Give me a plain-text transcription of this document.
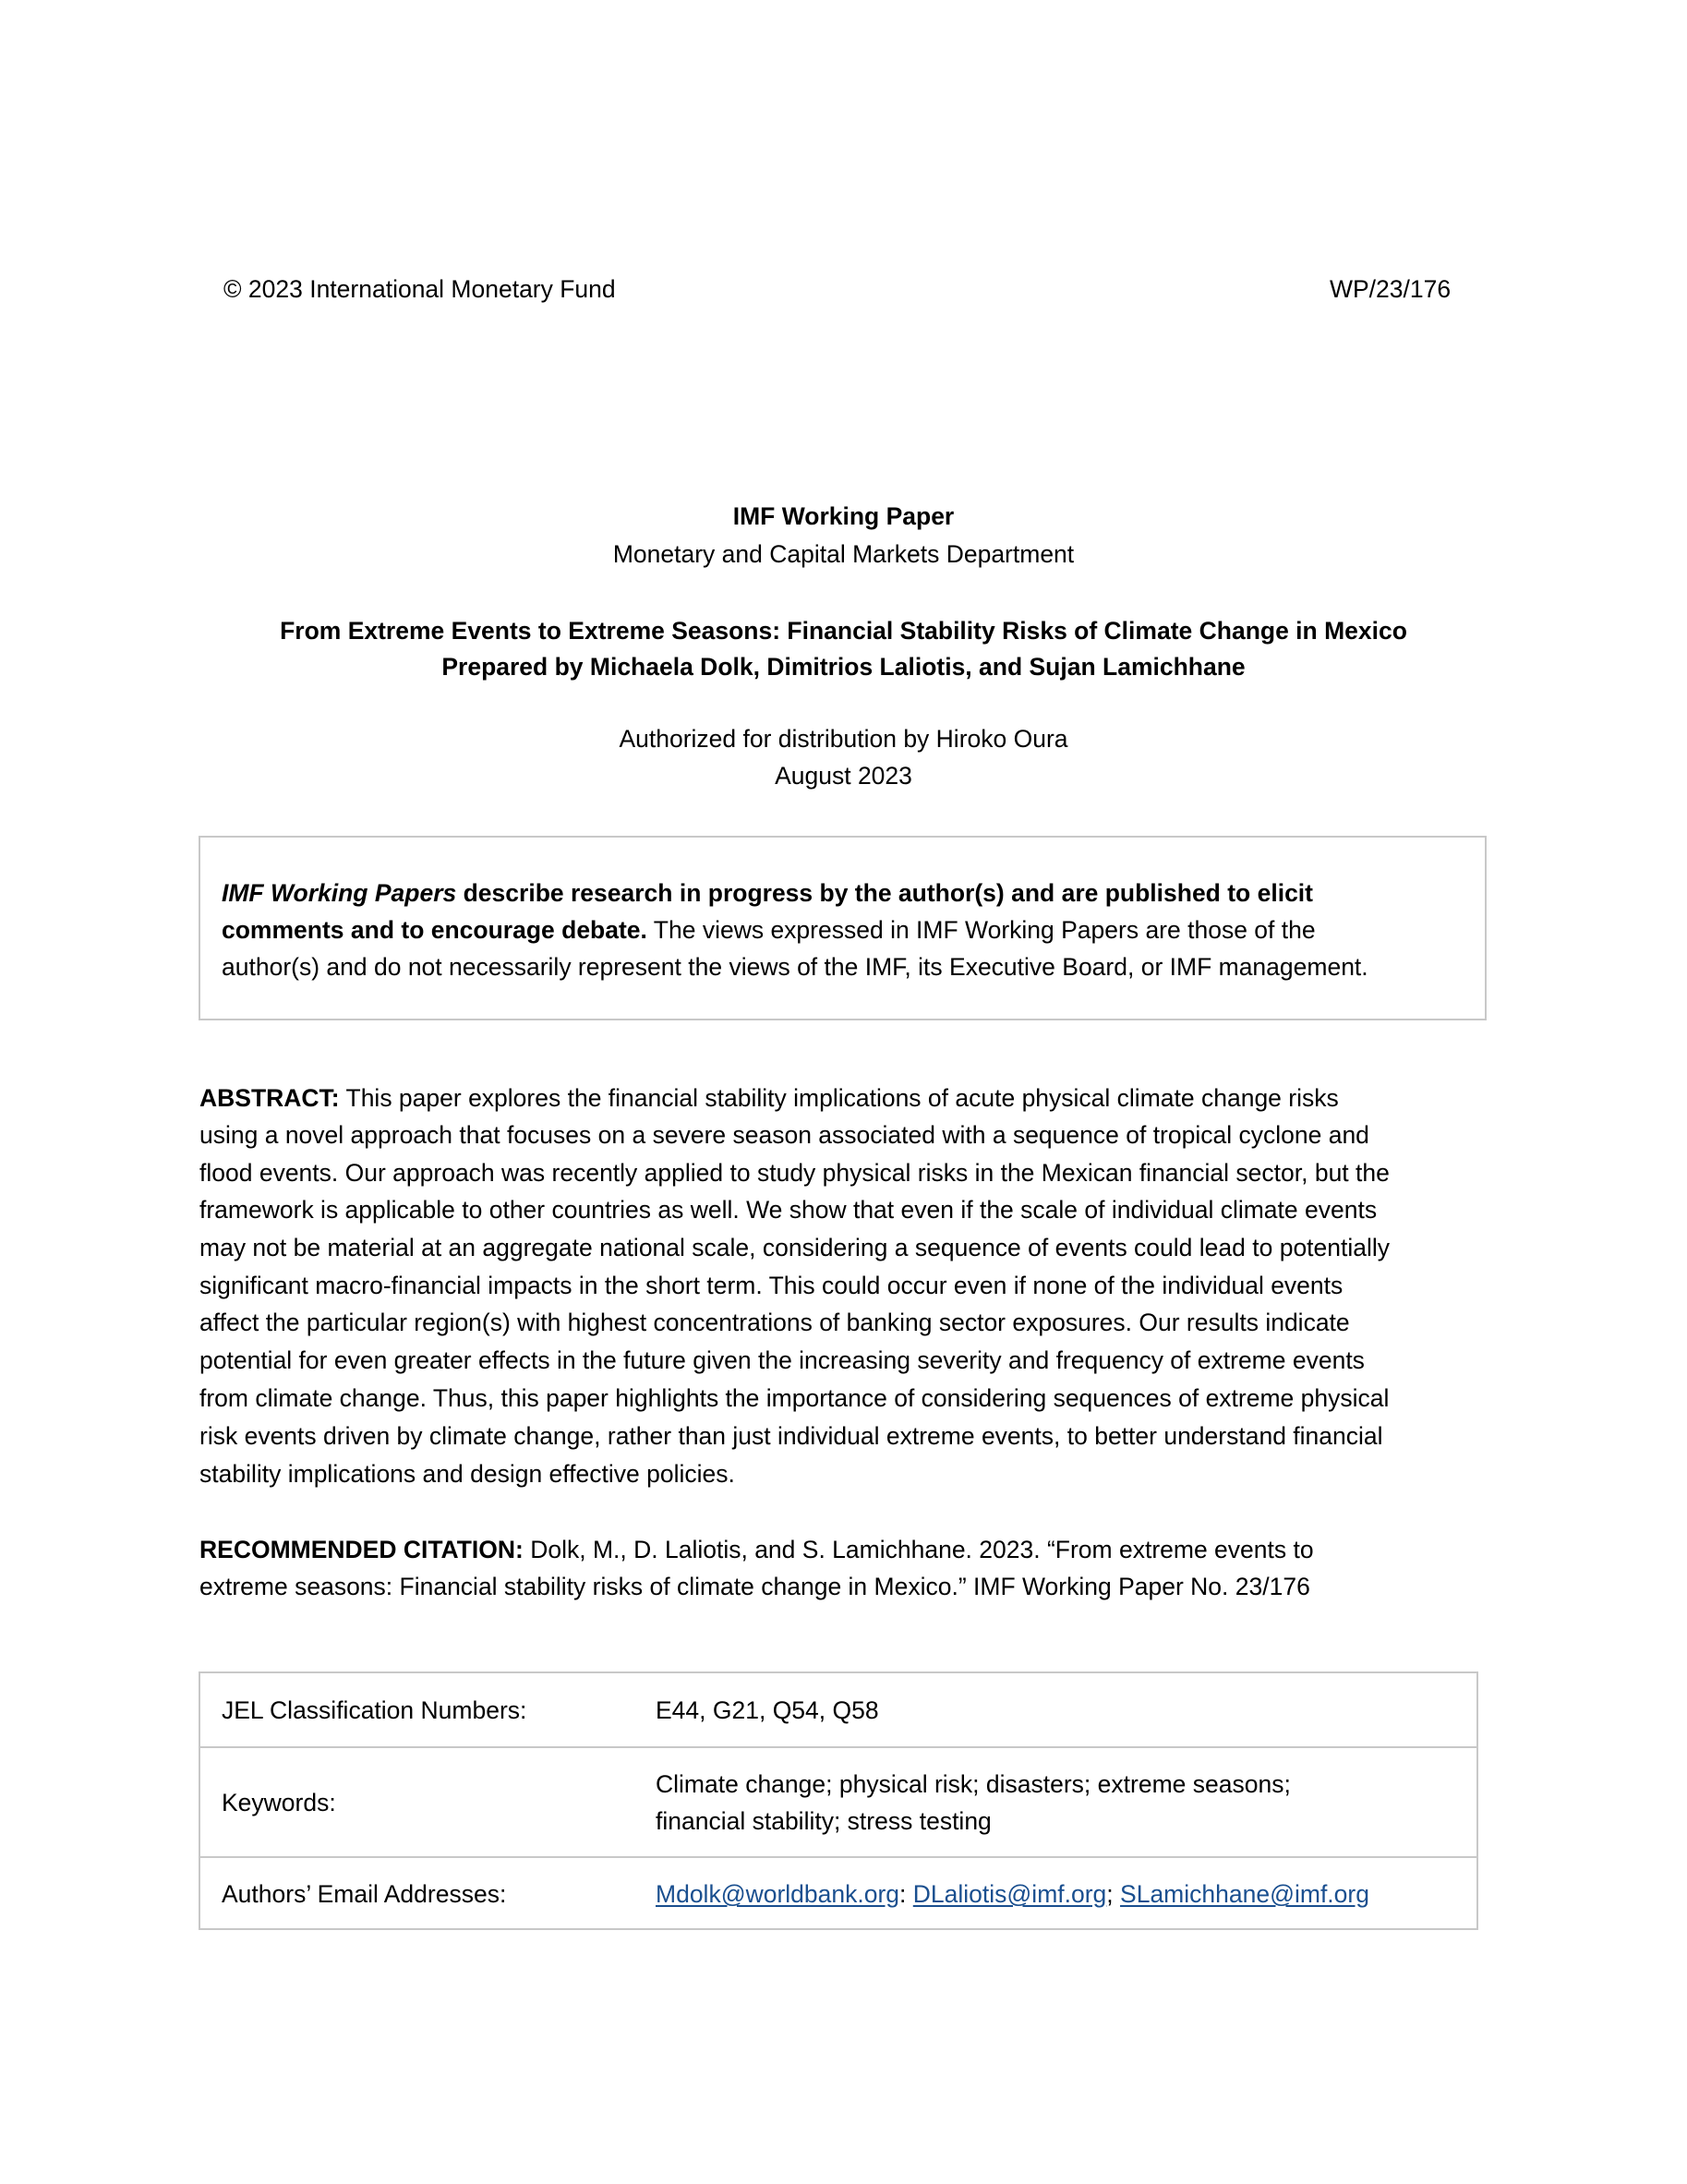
© 2023 International Monetary Fund	WP/23/176
IMF Working Paper
Monetary and Capital Markets Department
From Extreme Events to Extreme Seasons: Financial Stability Risks of Climate Change in Mexico
Prepared by Michaela Dolk, Dimitrios Laliotis, and Sujan Lamichhane
Authorized for distribution by Hiroko Oura
August 2023
IMF Working Papers describe research in progress by the author(s) and are published to elicit
comments and to encourage debate. The views expressed in IMF Working Papers are those of the
author(s) and do not necessarily represent the views of the IMF, its Executive Board, or IMF management.
ABSTRACT: This paper explores the financial stability implications of acute physical climate change risks
using a novel approach that focuses on a severe season associated with a sequence of tropical cyclone and
flood events. Our approach was recently applied to study physical risks in the Mexican financial sector, but the
framework is applicable to other countries as well. We show that even if the scale of individual climate events
may not be material at an aggregate national scale, considering a sequence of events could lead to potentially
significant macro-financial impacts in the short term. This could occur even if none of the individual events
affect the particular region(s) with highest concentrations of banking sector exposures. Our results indicate
potential for even greater effects in the future given the increasing severity and frequency of extreme events
from climate change. Thus, this paper highlights the importance of considering sequences of extreme physical
risk events driven by climate change, rather than just individual extreme events, to better understand financial
stability implications and design effective policies.
RECOMMENDED CITATION: Dolk, M., D. Laliotis, and S. Lamichhane. 2023. “From extreme events to
extreme seasons: Financial stability risks of climate change in Mexico.” IMF Working Paper No. 23/176
JEL Classification Numbers:	E44, G21, Q54, Q58
Keywords:
Climate change; physical risk; disasters; extreme seasons;
financial stability; stress testing
Authors’ Email Addresses:	Mdolk@worldbank.org: DLaliotis@imf.org; SLamichhane@imf.org
